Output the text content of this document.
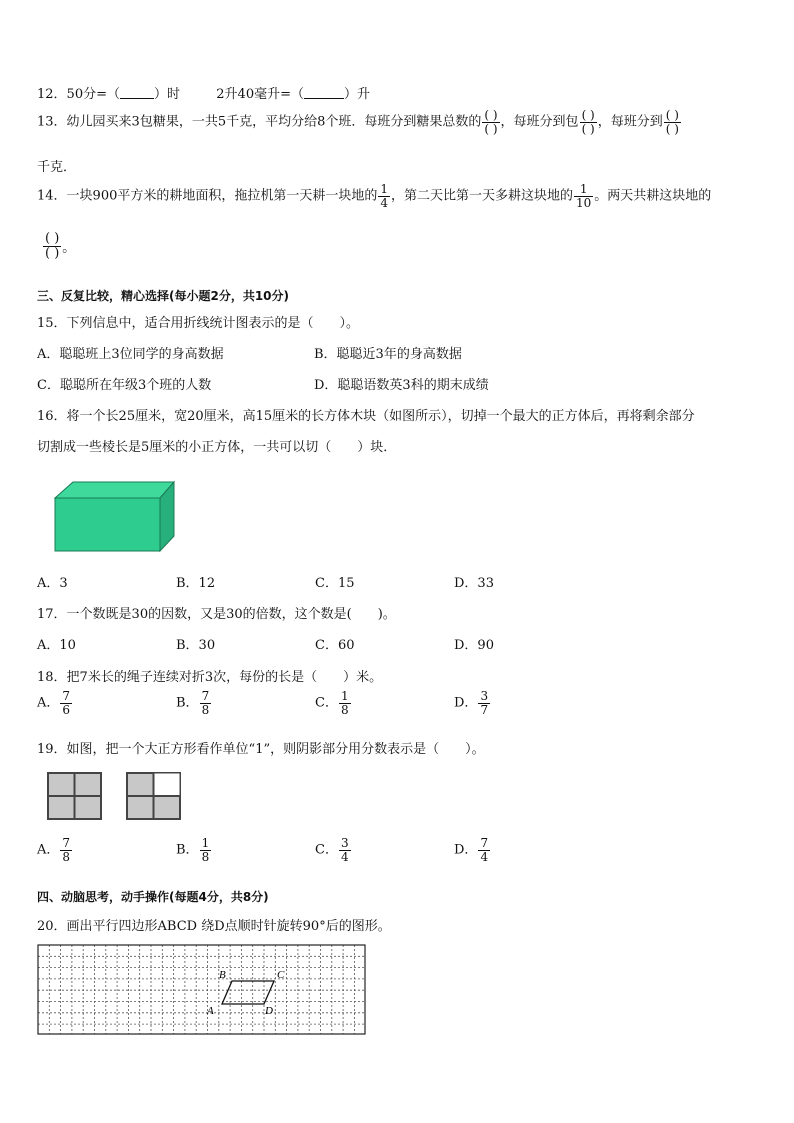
12．50分=（	）时	2升40毫升=（	）升
13．幼儿园买来3包糖果，一共5千克，平均分给8个班．每班分到糖果总数的 $\frac{( )}{( )}$ ，每班分到包 $\frac{( )}{( )}$ ，每班分到 $\frac{( )}{( )}$
千克．
14．一块900平方米的耕地面积，拖拉机第一天耕一块地的 $\frac{1}{4}$ ，第二天比第一天多耕这块地的 $\frac{1}{10}$ 。两天共耕这块地的
$\frac{( )}{( )}$ 。
三、反复比较，精心选择(每小题2分，共10分)
15．下列信息中，适合用折线统计图表示的是（　　）。
A．聪聪班上3位同学的身高数据	B．聪聪近3年的身高数据
C．聪聪所在年级3个班的人数	D．聪聪语数英3科的期末成绩
16．将一个长25厘米，宽20厘米，高15厘米的长方体木块（如图所示），切掉一个最大的正方体后，再将剩余部分
切割成一些棱长是5厘米的小正方体，一共可以切（　　）块．
A．3	B．12	C．15	D．33
17．一个数既是30的因数，又是30的倍数，这个数是(　　)。
A．10	B．30	C．60	D．90
18．把7米长的绳子连续对折3次，每份的长是（　　）米。
A． $\frac{7}{6}$	B． $\frac{7}{8}$	C． $\frac{1}{8}$	D． $\frac{3}{7}$
19．如图，把一个大正方形看作单位“1”，则阴影部分用分数表示是（　　）。
A． $\frac{7}{8}$	B． $\frac{1}{8}$	C． $\frac{3}{4}$	D． $\frac{7}{4}$
四、动脑思考，动手操作(每题4分，共8分)
20．画出平行四边形ABCD 绕D点顺时针旋转90°后的图形。
A
B	C
D
